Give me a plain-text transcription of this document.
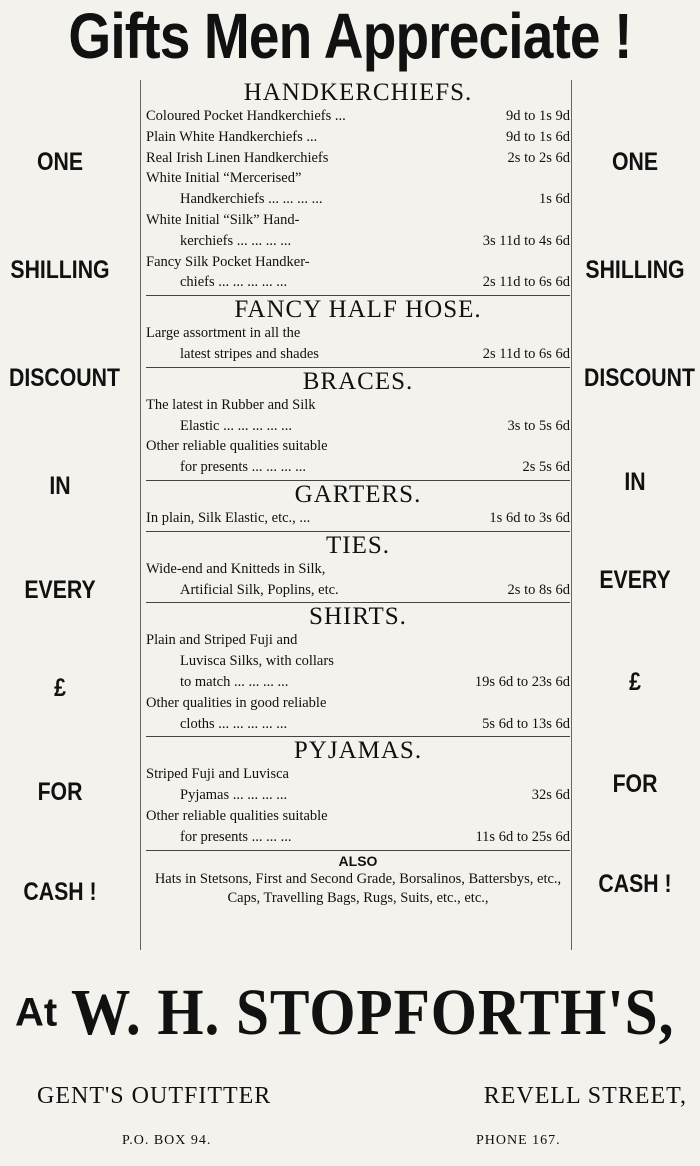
Gifts Men Appreciate !
ONE
SHILLING
DISCOUNT
IN
EVERY
£
FOR
CASH !
ONE
SHILLING
DISCOUNT
IN
EVERY
£
FOR
CASH !
HANDKERCHIEFS.
Coloured Pocket Handkerchiefs ...	9d to 1s 9d
Plain White Handkerchiefs ...	9d to 1s 6d
Real Irish Linen Handkerchiefs	2s to 2s 6d
White Initial “Mercerised”
Handkerchiefs ... ... ... ...	1s 6d
White Initial “Silk” Hand-
kerchiefs ... ... ... ...	3s 11d to 4s 6d
Fancy Silk Pocket Handker-
chiefs ... ... ... ... ...	2s 11d to 6s 6d
FANCY HALF HOSE.
Large assortment in all the
latest stripes and shades	2s 11d to 6s 6d
BRACES.
The latest in Rubber and Silk
Elastic ... ... ... ... ...	3s to 5s 6d
Other reliable qualities suitable
for presents ... ... ... ...	2s 5s 6d
GARTERS.
In plain, Silk Elastic, etc., ...	1s 6d to 3s 6d
TIES.
Wide-end and Knitteds in Silk,
Artificial Silk, Poplins, etc.	2s to 8s 6d
SHIRTS.
Plain and Striped Fuji and
Luvisca Silks, with collars
to match ... ... ... ...	19s 6d to 23s 6d
Other qualities in good reliable
cloths ... ... ... ... ...	5s 6d to 13s 6d
PYJAMAS.
Striped Fuji and Luvisca
Pyjamas ... ... ... ...	32s 6d
Other reliable qualities suitable
for presents ... ... ...	11s 6d to 25s 6d
ALSO
Hats in Stetsons, First and Second Grade, Borsalinos, Battersbys, etc., Caps, Travelling Bags, Rugs, Suits, etc., etc.,
At W. H. STOPFORTH'S,
GENT'S OUTFITTER	REVELL STREET,
P.O. BOX 94.	PHONE 167.
